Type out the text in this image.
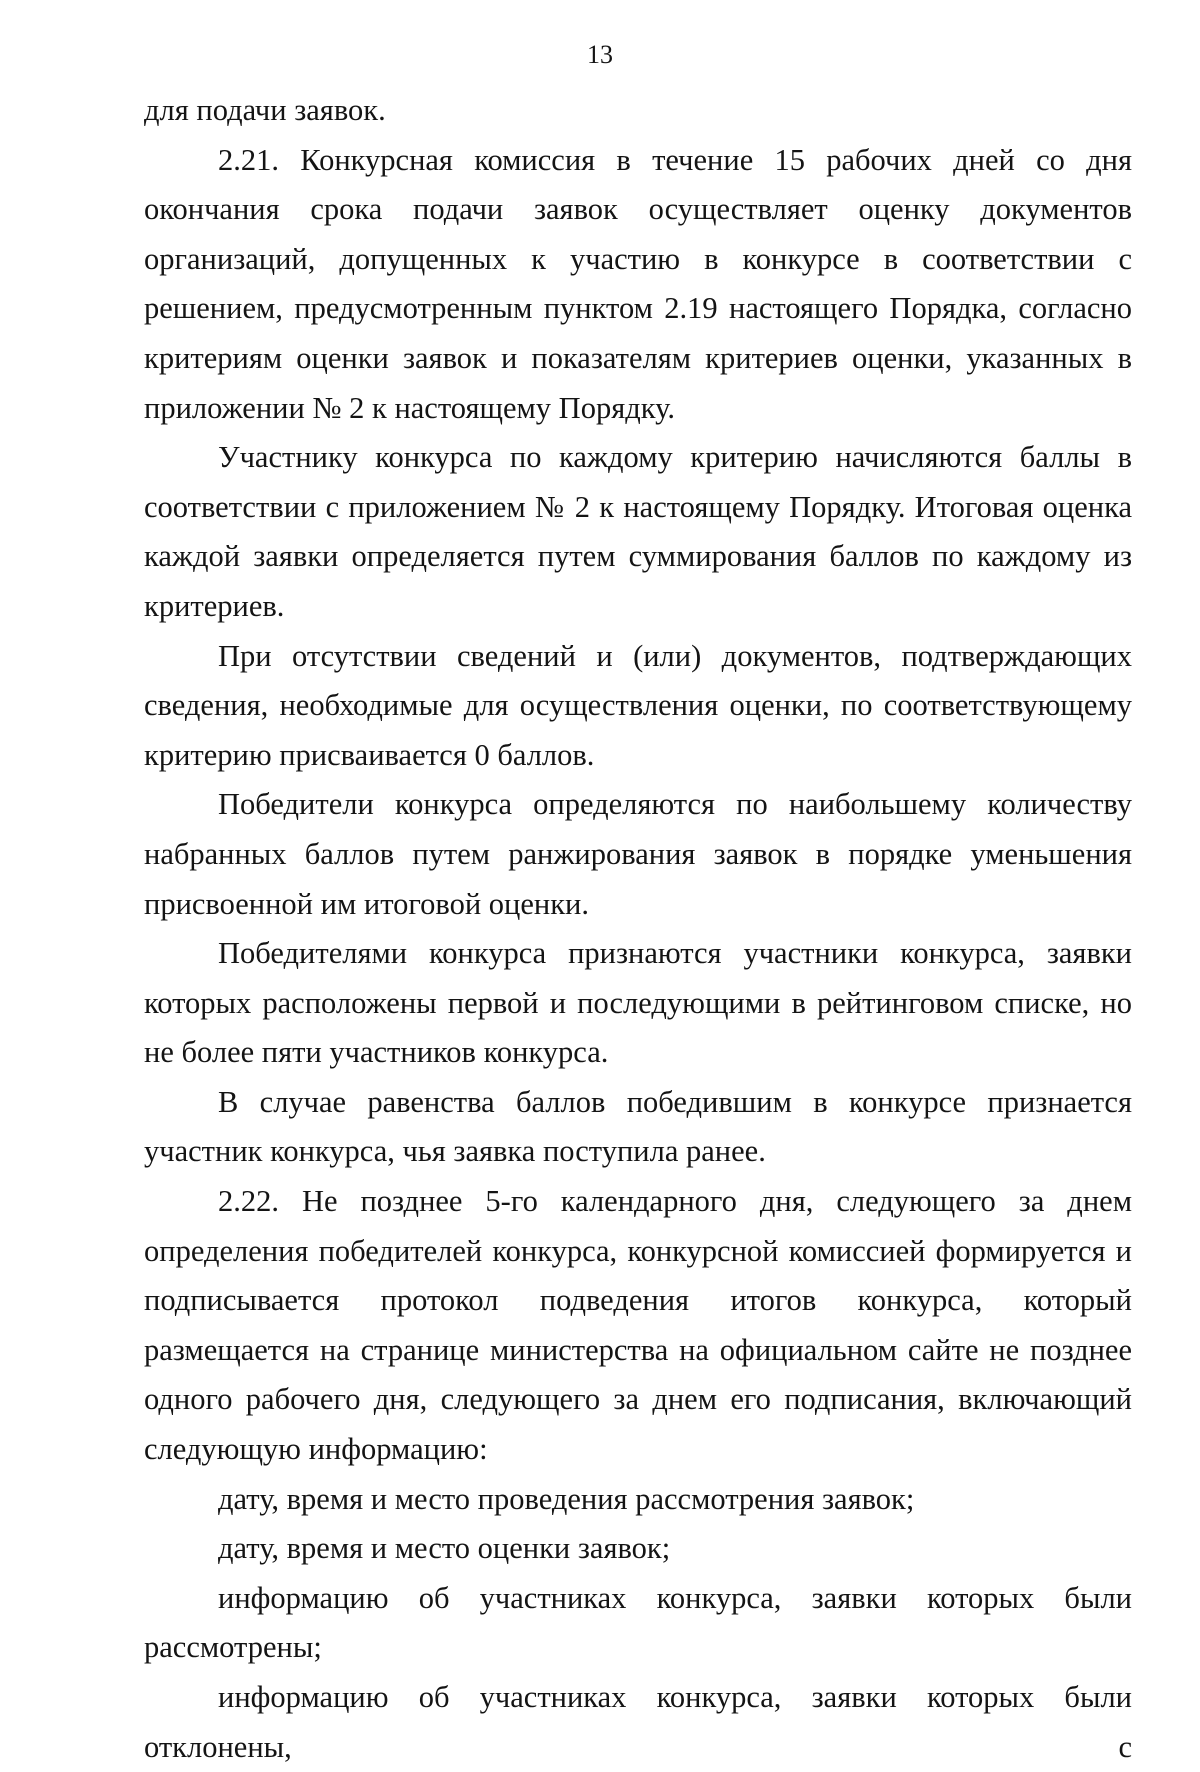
13

для подачи заявок.

2.21. Конкурсная комиссия в течение 15 рабочих дней со дня окончания срока подачи заявок осуществляет оценку документов организаций, допущенных к участию в конкурсе в соответствии с решением, предусмотренным пунктом 2.19 настоящего Порядка, согласно критериям оценки заявок и показателям критериев оценки, указанных в приложении № 2 к настоящему Порядку.

Участнику конкурса по каждому критерию начисляются баллы в соответствии с приложением № 2 к настоящему Порядку. Итоговая оценка каждой заявки определяется путем суммирования баллов по каждому из критериев.

При отсутствии сведений и (или) документов, подтверждающих сведения, необходимые для осуществления оценки, по соответствующему критерию присваивается 0 баллов.

Победители конкурса определяются по наибольшему количеству набранных баллов путем ранжирования заявок в порядке уменьшения присвоенной им итоговой оценки.

Победителями конкурса признаются участники конкурса, заявки которых расположены первой и последующими в рейтинговом списке, но не более пяти участников конкурса.

В случае равенства баллов победившим в конкурсе признается участник конкурса, чья заявка поступила ранее.

2.22. Не позднее 5-го календарного дня, следующего за днем определения победителей конкурса, конкурсной комиссией формируется и подписывается протокол подведения итогов конкурса, который размещается на странице министерства на официальном сайте не позднее одного рабочего дня, следующего за днем его подписания, включающий следующую информацию:

дату, время и место проведения рассмотрения заявок;

дату, время и место оценки заявок;

информацию об участниках конкурса, заявки которых были рассмотрены;

информацию об участниках конкурса, заявки которых были отклонены, с
